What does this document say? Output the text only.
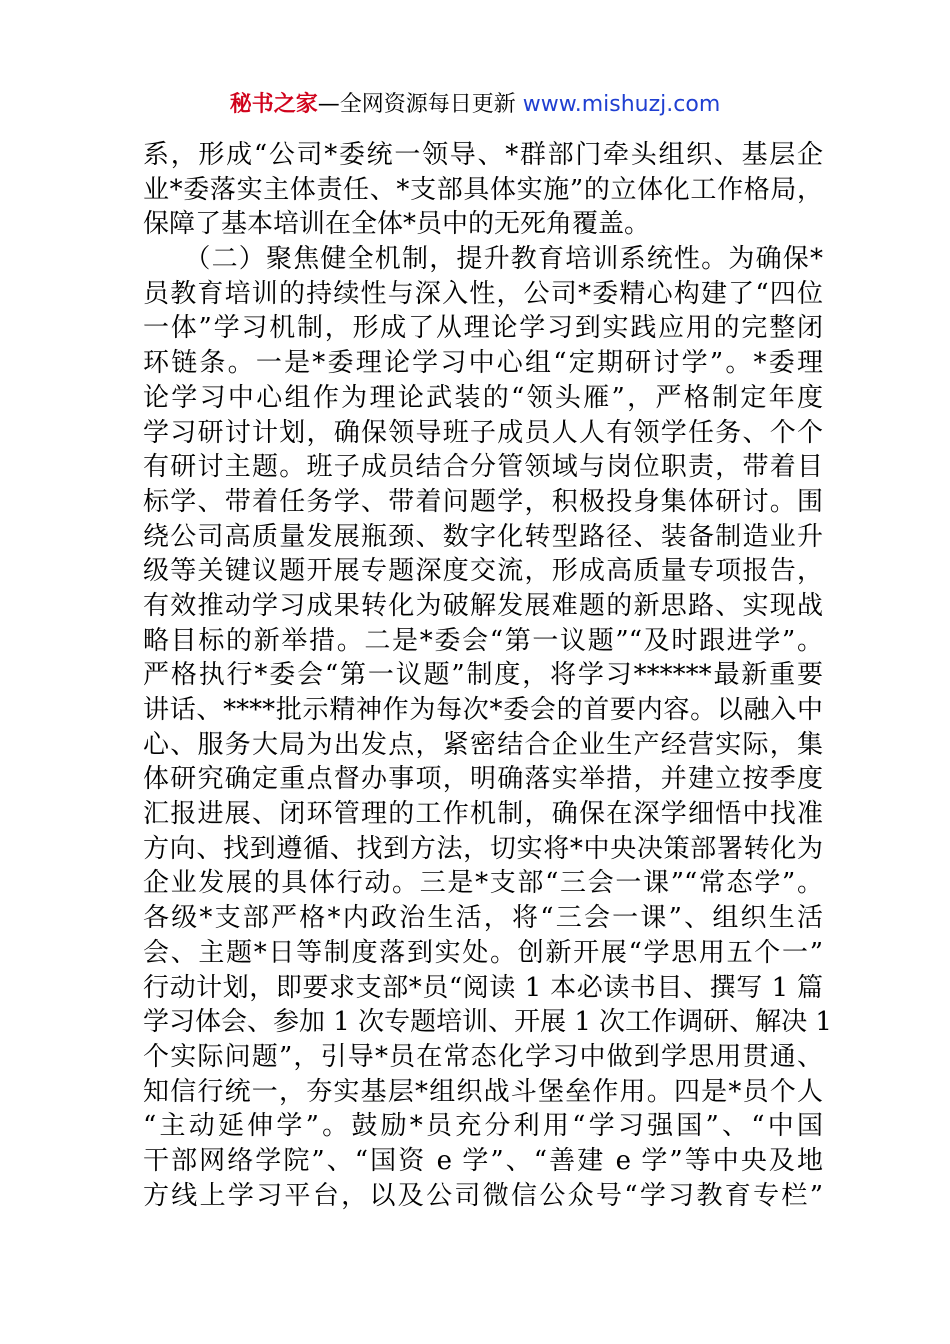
秘书之家—全网资源每日更新 www.mishuzj.com
系，形成“公司*委统一领导、*群部门牵头组织、基层企
业*委落实主体责任、*支部具体实施”的立体化工作格局，
保障了基本培训在全体*员中的无死角覆盖。
　　（二）聚焦健全机制，提升教育培训系统性。为确保*
员教育培训的持续性与深入性，公司*委精心构建了“四位
一体”学习机制，形成了从理论学习到实践应用的完整闭
环链条。一是*委理论学习中心组“定期研讨学”。*委理
论学习中心组作为理论武装的“领头雁”，严格制定年度
学习研讨计划，确保领导班子成员人人有领学任务、个个
有研讨主题。班子成员结合分管领域与岗位职责，带着目
标学、带着任务学、带着问题学，积极投身集体研讨。围
绕公司高质量发展瓶颈、数字化转型路径、装备制造业升
级等关键议题开展专题深度交流，形成高质量专项报告，
有效推动学习成果转化为破解发展难题的新思路、实现战
略目标的新举措。二是*委会“第一议题”“及时跟进学”。
严格执行*委会“第一议题”制度，将学习******最新重要
讲话、****批示精神作为每次*委会的首要内容。以融入中
心、服务大局为出发点，紧密结合企业生产经营实际，集
体研究确定重点督办事项，明确落实举措，并建立按季度
汇报进展、闭环管理的工作机制，确保在深学细悟中找准
方向、找到遵循、找到方法，切实将*中央决策部署转化为
企业发展的具体行动。三是*支部“三会一课”“常态学”。
各级*支部严格*内政治生活，将“三会一课”、组织生活
会、主题*日等制度落到实处。创新开展“学思用五个一”
行动计划，即要求支部*员“阅读 1 本必读书目、撰写 1 篇
学习体会、参加 1 次专题培训、开展 1 次工作调研、解决 1
个实际问题”，引导*员在常态化学习中做到学思用贯通、
知信行统一，夯实基层*组织战斗堡垒作用。四是*员个人
“主动延伸学”。鼓励*员充分利用“学习强国”、“中国
干部网络学院”、“国资 e 学”、“善建 e 学”等中央及地
方线上学习平台，以及公司微信公众号“学习教育专栏”
